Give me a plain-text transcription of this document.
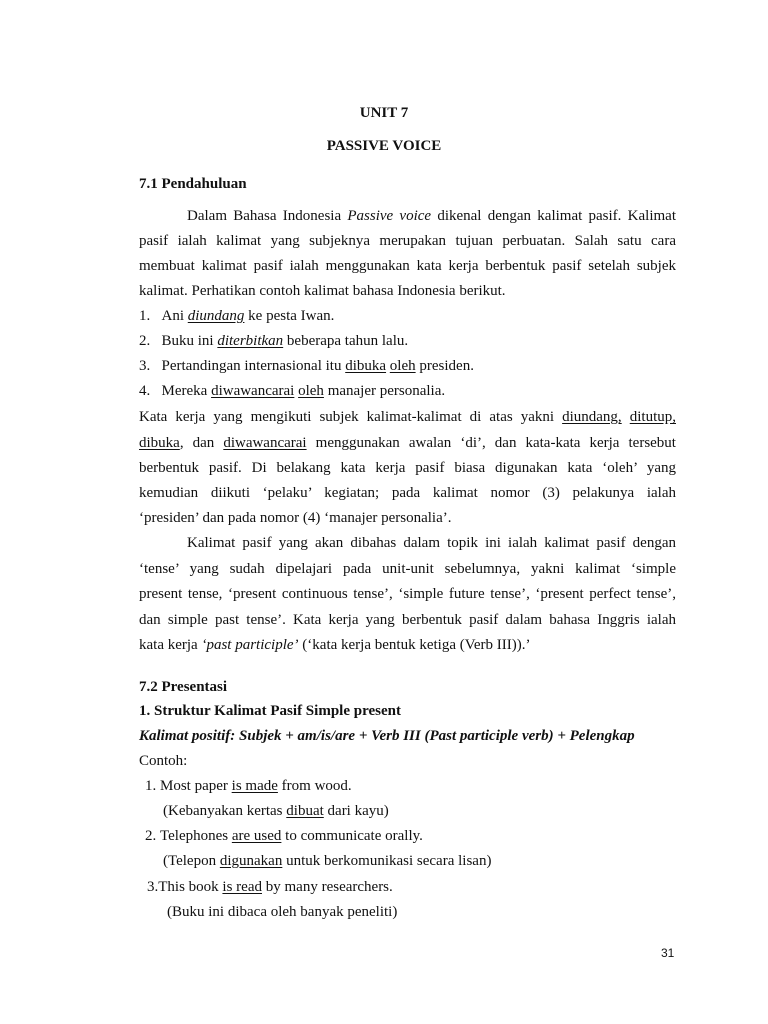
UNIT 7
PASSIVE VOICE
7.1 Pendahuluan
Dalam Bahasa Indonesia Passive voice dikenal dengan kalimat pasif. Kalimat
pasif ialah kalimat yang subjeknya merupakan tujuan perbuatan. Salah satu cara
membuat kalimat pasif ialah menggunakan kata kerja berbentuk pasif setelah subjek
kalimat. Perhatikan contoh kalimat bahasa Indonesia berikut.
1. Ani diundang ke pesta Iwan.
2. Buku ini diterbitkan beberapa tahun lalu.
3. Pertandingan internasional itu dibuka oleh presiden.
4. Mereka diwawancarai oleh manajer personalia.
Kata kerja yang mengikuti subjek kalimat-kalimat di atas yakni diundang, ditutup,
dibuka, dan diwawancarai menggunakan awalan ‘di’, dan kata-kata kerja tersebut
berbentuk pasif. Di belakang kata kerja pasif biasa digunakan kata ‘oleh’ yang
kemudian diikuti ‘pelaku’ kegiatan; pada kalimat nomor (3) pelakunya ialah
‘presiden’ dan pada nomor (4) ‘manajer personalia’.
Kalimat pasif yang akan dibahas dalam topik ini ialah kalimat pasif dengan
‘tense’ yang sudah dipelajari pada unit-unit sebelumnya, yakni kalimat ‘simple
present tense, ‘present continuous tense’, ‘simple future tense’, ‘present perfect tense’,
dan simple past tense’. Kata kerja yang berbentuk pasif dalam bahasa Inggris ialah
kata kerja ‘past participle’ (‘kata kerja bentuk ketiga (Verb III)).’
7.2 Presentasi
1. Struktur Kalimat Pasif Simple present
Kalimat positif: Subjek + am/is/are + Verb III (Past participle verb) + Pelengkap
Contoh:
1. Most paper is made from wood.
(Kebanyakan kertas dibuat dari kayu)
2. Telephones are used to communicate orally.
(Telepon digunakan untuk berkomunikasi secara lisan)
3.This book is read by many researchers.
(Buku ini dibaca oleh banyak peneliti)
31
